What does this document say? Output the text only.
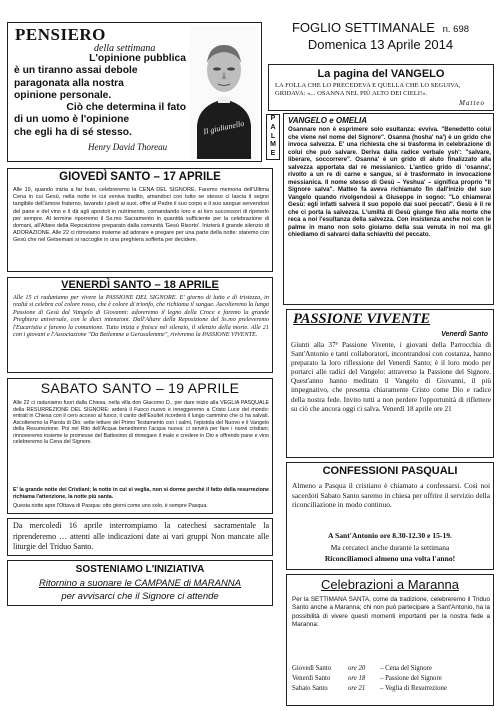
PENSIERO
della settimana
L'opinione pubblica
è un tiranno assai debole
paragonata alla nostra
opinione personale.
Ciò che determina il fato
di un uomo è l'opinione
che egli ha di sé stesso.
Henry David Thoreau
Il giulianello
FOGLIO SETTIMANALE n. 698
Domenica 13 Aprile 2014
La pagina del VANGELO
LA FOLLA CHE LO PRECEDEVA E QUELLA CHE LO SEGUIVA, GRIDAVA: «... OSANNA NEL PIÙ ALTO DEI CIELI!».
Matteo
P
A
L
M
E
VANGELO e OMELIA
Osannare non è esprimere solo esultanza: evviva. "Benedetto colui che viene nel nome del Signore". Osanna (hosha' na') è un grido che invoca salvezza. E' una richiesta che si trasforma in celebrazione di colui che può salvare. Deriva dalla radice verbale ysh': "salvare, liberare, soccorrere". Osanna' è un grido di aiuto finalizzato alla salvezza apportata dal re messianico. L'antico grido di 'osanna', rivolto a un re di carne e sangue, si è trasformato in invocazione messianica. Il nome stesso di Gesù – Yeshua' – significa proprio "Il Signore salva". Matteo fa aveva richiamato fin dall'inizio del suo Vangelo quando rivolgendosi a Giuseppe in sogno: "Lo chiamerai Gesù: egli infatti salverà il suo popolo dai suoi peccati". Gesù è il re che ci porta la salvezza. L'umiltà di Gesù giunge fino alla morte che reca a noi l'esultanza della salvezza. Con insistenza anche noi con le palme in mano non solo gioiamo della sua venuta in noi ma gli chiediamo di salvarci dalla schiavitù del peccato.
GIOVEDÌ SANTO – 17 APRILE
Alle 19, quando inizia a far buio, celebreremo la CENA DEL SIGNORE. Faremo memoria dell'Ultima Cena in cui Gesù, nella notte in cui veniva tradito, amandoci con tutto se stesso ci lascia il segno tangibile dell'amore fraterno, lavando i piedi ai suoi, offre al Padre il suo corpo e il suo sangue servendosi del pane e del vino e il dà agli apostoli in nutrimento, comandando loro e ai loro successori di ripeterlo per sempre. Al termine riporremo il Ss.mo Sacramento in quantità sufficiente per la celebrazione di domani, all'Altare della Reposizione preparato dalla comunità 'Gesù Risorto'. Inizierà il grande silenzio di ADORAZIONE. Alle 22 ci ritroviamo insieme ad adorare e pregare per una parte della notte: staremo con Gesù che nel Getsemani si raccoglie in una preghiera sofferta per decidere.
VENERDÌ SANTO – 18 APRILE
Alle 15 ci raduniamo per vivere la PASSIONE DEL SIGNORE. E' giorno di lutto e di tristezza, in realtà si celebra col colore rosso, che è colore di trionfo, che richiama il sangue. Ascolteremo la lunga Passione di Gesù dal Vangelo di Giovanni: adoreremo il legno della Croce e faremo la grande Preghiera universale, con le dieci intenzioni. Dall'Altare della Reposizione del Ss.mo preleveremo l'Eucaristia e faremo la comunione. Tutto inizia e finisce nel silenzio, il silenzio della morte. Alle 21 con i giovani e l'Associazione "Da Betlemme a Gerusalemme", rivivremo la PASSIONE VIVENTE.
SABATO SANTO – 19 APRILE
Alle 22 ci raduniamo fuori dalla Chiesa, nella villa don Giacomo D., per dare inizio alla VEGLIA PASQUALE della RESURREZIONE DEL SIGNORE: arderà il Fuoco nuovo e inneggeremo a Cristo Luce del mondo: entrati in Chiesa con il cero acceso al fuoco, il canto dell'Exultet ricorderà il lungo cammino che ci ha salvati. Ascolteremo la Parola di Dio: sette letture del Primo Testamento con i salmi, l'epistola del Nuovo e il Vangelo della Resurrezione. Poi nel Rito dell'Acqua benediremo l'acqua nuova: ci servirà per fare i nuovi cristiani; rinnoveremo insieme le promesse del Battesimo di rinnegare il male e credere in Dio e offrendo pane e vino celebreremo la Cena del Signore.
E' la grande notte dei Cristiani; la notte in cui si veglia, non si dorme perché il fatto della resurrezione richiama l'attenzione, la notte più santa.
Questa notte apre l'Ottava di Pasqua: otto giorni come uno solo, è sempre Pasqua.
Da mercoledì 16 aprile interrompiamo la catechesi sacramentale la riprenderemo … attenti alle indicazioni date ai vari gruppi Non mancate alle liturgie del Triduo Santo.
SOSTENIAMO L'INIZIATIVA
Ritornino a suonare le CAMPANE di MARANNA
per avvisarci che il Signore ci attende
PASSIONE VIVENTE
Venerdì Santo
Giunti alla 37ª Passione Vivente, i giovani della Parrocchia di Sant'Antonio e tanti collaboratori, incontrandosi con costanza, hanno preparato la loro riflessione del Venerdì Santo; è il loro modo per portarci alle radici del Vangelo: attraverso la Passione del Signore. Quest'anno hanno meditato il Vangelo di Giovanni, il più impegnativo, che presenta chiaramente Cristo come Dio e radice della nostra fede. Invito tutti a non perdere l'opportunità di riflettere su ciò che ancora oggi ci salva. Venerdì 18 aprile ore 21
CONFESSIONI PASQUALI
Almeno a Pasqua il cristiano è chiamato a confessarsi. Così noi sacerdoti Sabato Santo saremo in chiesa per offrire il servizio della riconciliazione in modo continuo.
A Sant'Antonio ore 8.30-12.30 e 15-19.
Ma cercateci anche durante la settimana
Riconciliamoci almeno una volta l'anno!
Celebrazioni a Maranna
Per la SETTIMANA SANTA, come da tradizione, celebreremo il Triduo Santo anche a Maranna; chi non può partecipare a Sant'Antonio, ha la possibilità di vivere questi momenti importanti per la nostra fede a Maranna:
Giovedì Santo ore 20 – Cena del Signore
Venerdì Santo	ore 18 – Passione del Signore
Sabato Santo	ore 21 – Veglia di Resurrezione
